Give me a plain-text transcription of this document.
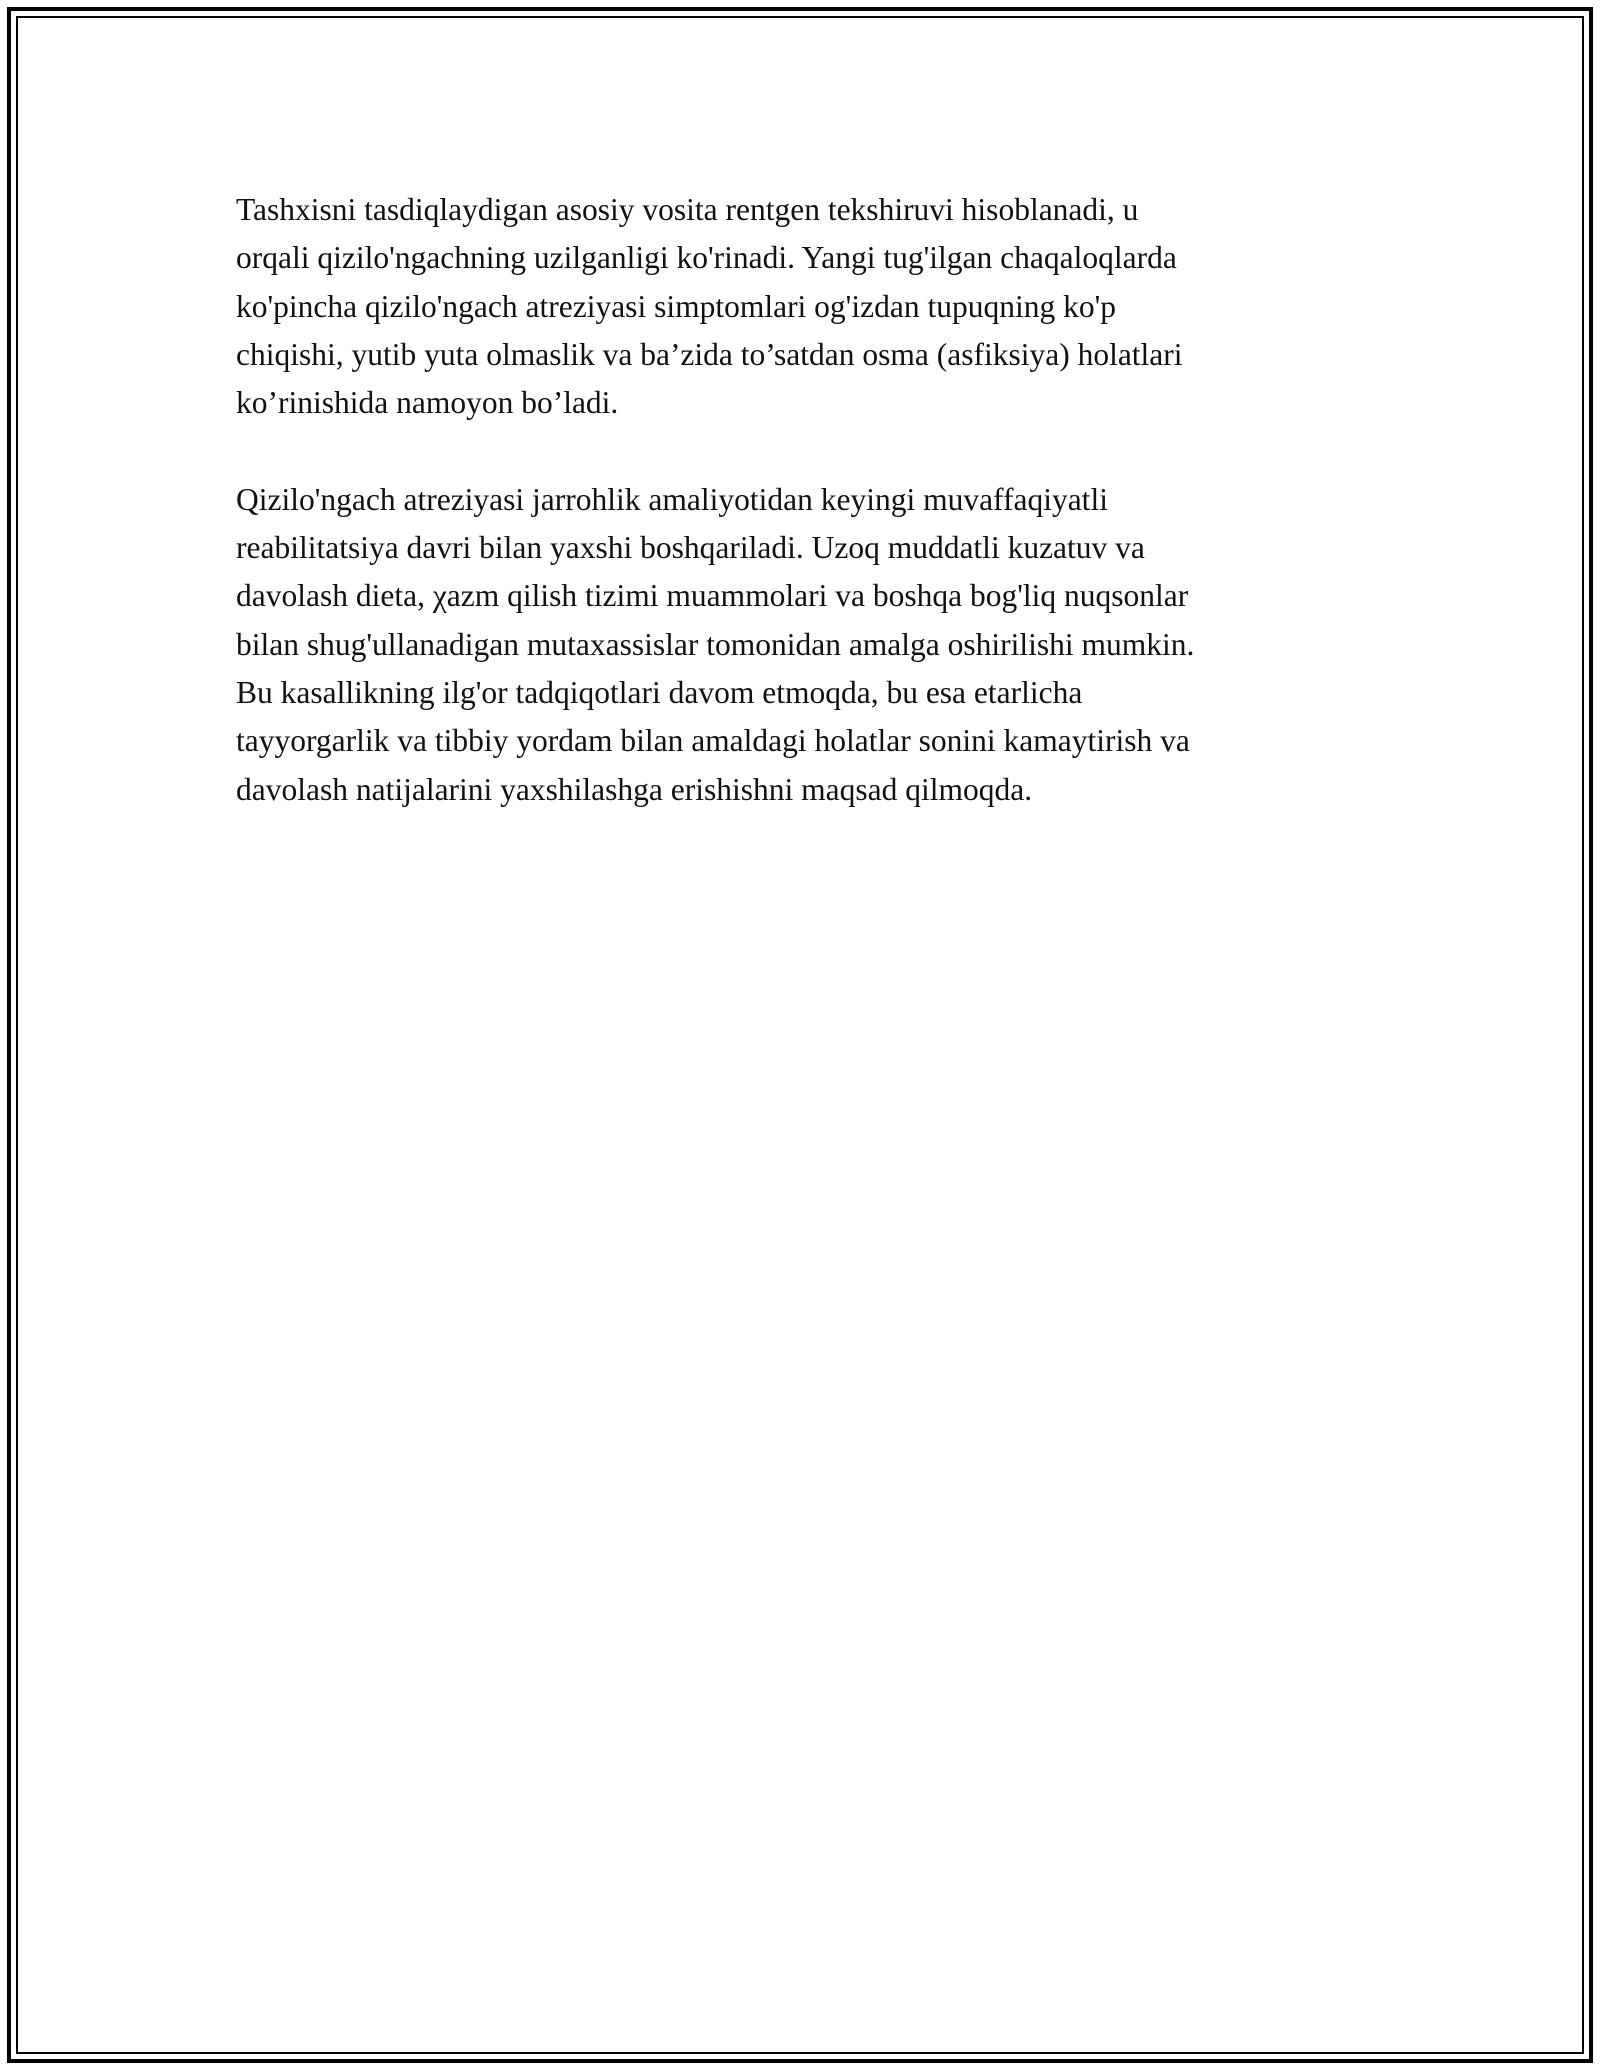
Tashxisni tasdiqlaydigan asosiy vosita rentgen tekshiruvi hisoblanadi, u
orqali qizilo'ngachning uzilganligi ko'rinadi. Yangi tug'ilgan chaqaloqlarda
ko'pincha qizilo'ngach atreziyasi simptomlari og'izdan tupuqning ko'p
chiqishi, yutib yuta olmaslik va ba’zida to’satdan osma (asfiksiya) holatlari
ko’rinishida namoyon bo’ladi.
Qizilo'ngach atreziyasi jarrohlik amaliyotidan keyingi muvaffaqiyatli
reabilitatsiya davri bilan yaxshi boshqariladi. Uzoq muddatli kuzatuv va
davolash dieta, χazm qilish tizimi muammolari va boshqa bog'liq nuqsonlar
bilan shug'ullanadigan mutaxassislar tomonidan amalga oshirilishi mumkin.
Bu kasallikning ilg'or tadqiqotlari davom etmoqda, bu esa etarlicha
tayyorgarlik va tibbiy yordam bilan amaldagi holatlar sonini kamaytirish va
davolash natijalarini yaxshilashga erishishni maqsad qilmoqda.
